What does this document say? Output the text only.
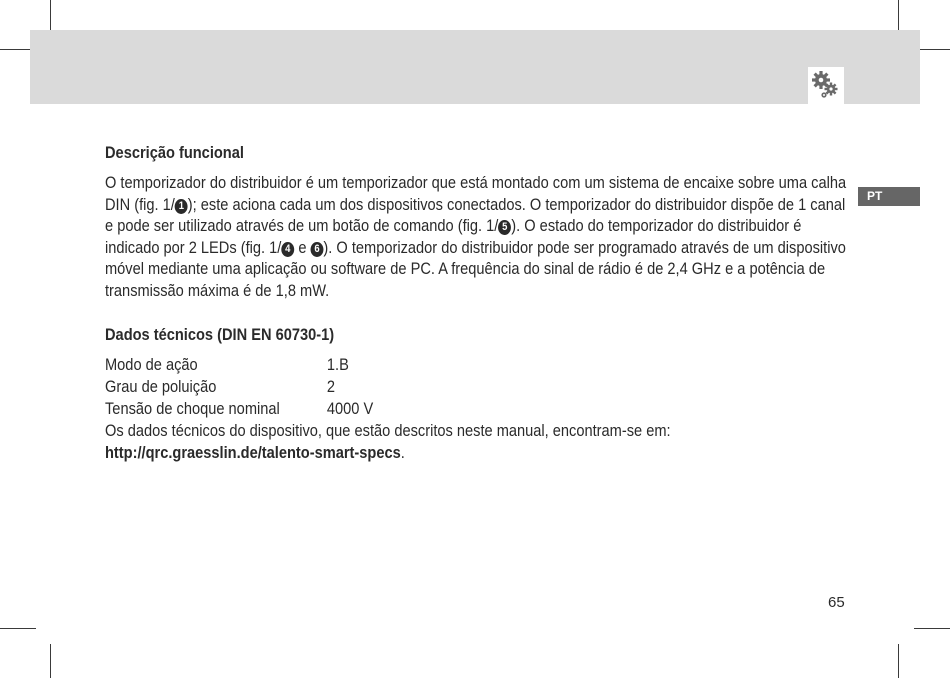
PT
Descrição funcional

O temporizador do distribuidor é um temporizador que está montado com um sistema de encaixe sobre uma calha DIN (fig. 1/ 1 ); este aciona cada um dos dispositivos conectados. O temporizador do distribuidor dispõe de 1 canal e pode ser utilizado através de um botão de comando (fig. 1/ 5 ). O estado do temporizador do distribuidor é indicado por 2 LEDs (fig. 1/ 4 e 6 ). O temporizador do distribuidor pode ser programado através de um dispositivo móvel mediante uma aplicação ou software de PC. A frequência do sinal de rádio é de 2,4 GHz e a potência de transmissão máxima é de 1,8 mW.

Dados técnicos (DIN EN 60730-1)
Modo de ação	1.B
Grau de poluição	2
Tensão de choque nominal	4000 V
Os dados técnicos do dispositivo, que estão descritos neste manual, encontram-se em:
http://qrc.graesslin.de/talento-smart-specs.
65
